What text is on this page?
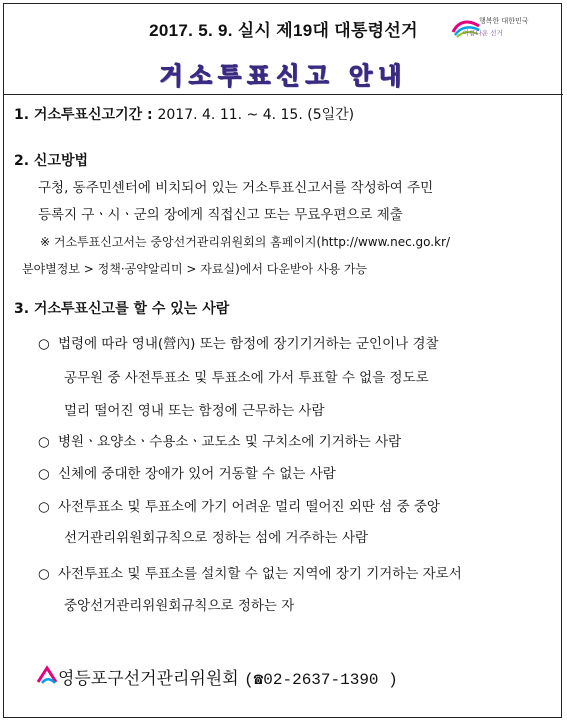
2017. 5. 9. 실시 제19대 대통령선거	행복한 대한민국
아름다운 선거
거소투표신고 안내
1. 거소투표신고기간 : 2017. 4. 11. ~ 4. 15. (5일간)
2. 신고방법
구청, 동주민센터에 비치되어 있는 거소투표신고서를 작성하여 주민
등록지 구ㆍ시ㆍ군의 장에게 직접신고 또는 무료우편으로 제출
※ 거소투표신고서는 중앙선거관리위원회의 홈페이지(http://www.nec.go.kr/
분야별정보 > 정책·공약알리미 > 자료실)에서 다운받아 사용 가능
3. 거소투표신고를 할 수 있는 사람
○ 법령에 따라 영내(營內) 또는 함정에 장기기거하는 군인이나 경찰
공무원 중 사전투표소 및 투표소에 가서 투표할 수 없을 정도로
멀리 떨어진 영내 또는 함정에 근무하는 사람
○ 병원ㆍ요양소ㆍ수용소ㆍ교도소 및 구치소에 기거하는 사람
○ 신체에 중대한 장애가 있어 거동할 수 없는 사람
○ 사전투표소 및 투표소에 가기 어려운 멀리 떨어진 외딴 섬 중 중앙
선거관리위원회규칙으로 정하는 섬에 거주하는 사람
○ 사전투표소 및 투표소를 설치할 수 없는 지역에 장기 기거하는 자로서
중앙선거관리위원회규칙으로 정하는 자
영등포구선거관리위원회 (☎02-2637-1390 )
